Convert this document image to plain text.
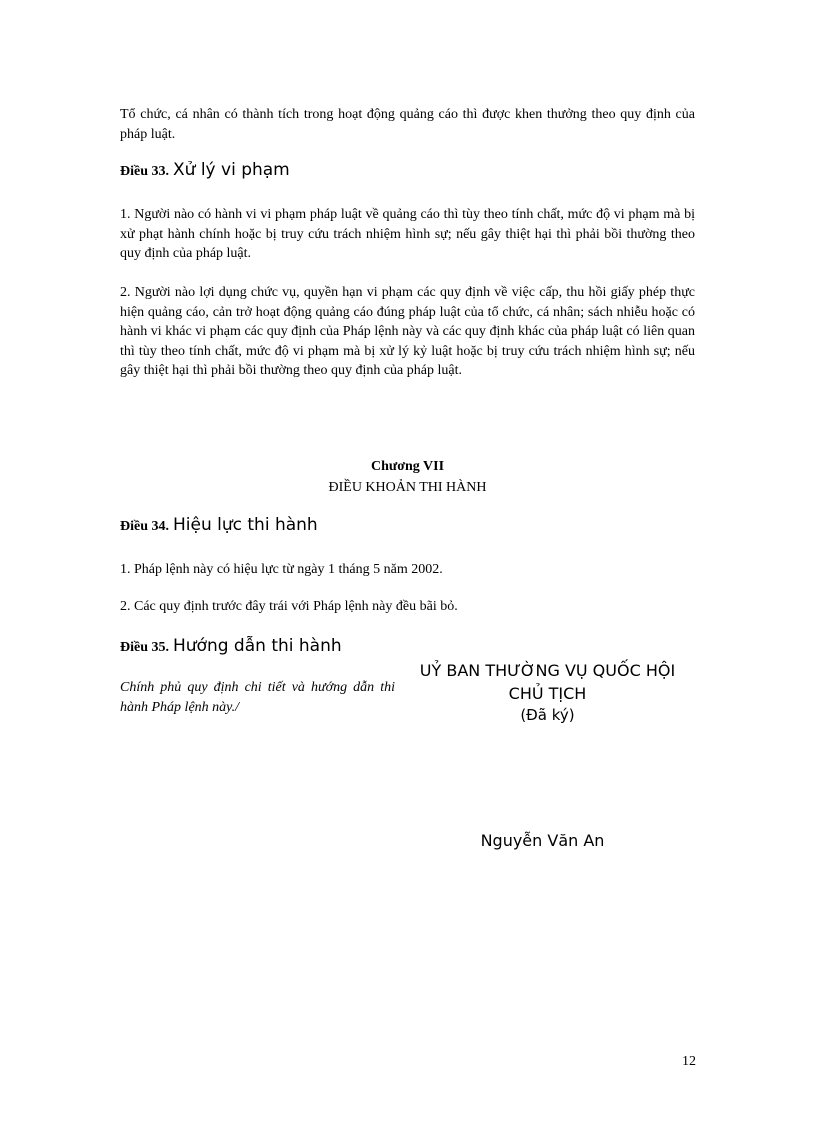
Tổ chức, cá nhân có thành tích trong hoạt động quảng cáo thì được khen thưởng theo quy định của pháp luật.
Điều 33. Xử lý vi phạm
1. Người nào có hành vi vi phạm pháp luật về quảng cáo thì tùy theo tính chất, mức độ vi phạm mà bị xử phạt hành chính hoặc bị truy cứu trách nhiệm hình sự; nếu gây thiệt hại thì phải bồi thường theo quy định của pháp luật.
2. Người nào lợi dụng chức vụ, quyền hạn vi phạm các quy định về việc cấp, thu hồi giấy phép thực hiện quảng cáo, cản trở hoạt động quảng cáo đúng pháp luật của tổ chức, cá nhân; sách nhiễu hoặc có hành vi khác vi phạm các quy định của Pháp lệnh này và các quy định khác của pháp luật có liên quan thì tùy theo tính chất, mức độ vi phạm mà bị xử lý kỷ luật hoặc bị truy cứu trách nhiệm hình sự; nếu gây thiệt hại thì phải bồi thường theo quy định của pháp luật.
Chương VII
ĐIỀU KHOẢN THI HÀNH
Điều 34. Hiệu lực thi hành
1. Pháp lệnh này có hiệu lực từ ngày 1 tháng 5 năm 2002.
2. Các quy định trước đây trái với Pháp lệnh này đều bãi bỏ.
Điều 35. Hướng dẫn thi hành
Chính phủ quy định chi tiết và hướng dẫn thi hành Pháp lệnh này./
UỶ BAN THƯỜNG VỤ QUỐC HỘI
CHỦ TỊCH
(Đã ký)
Nguyễn Văn An
12
